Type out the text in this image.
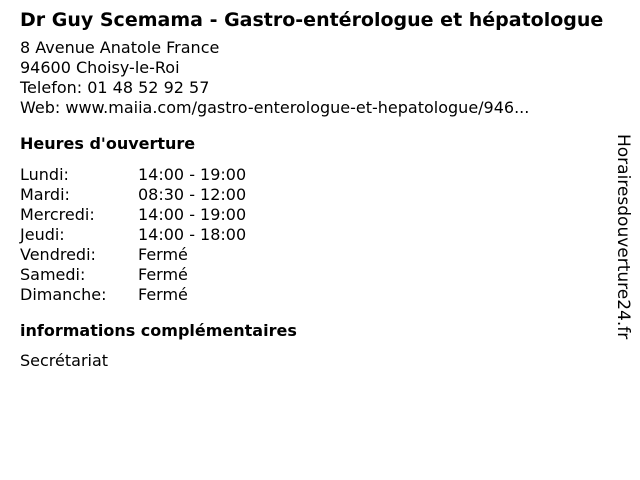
Dr Guy Scemama - Gastro-entérologue et hépatologue
8 Avenue Anatole France
94600 Choisy-le-Roi
Telefon: 01 48 52 92 57
Web: www.maiia.com/gastro-enterologue-et-hepatologue/946...
Heures d'ouverture
Lundi:	14:00 - 19:00
Mardi:	08:30 - 12:00
Mercredi:	14:00 - 19:00
Jeudi:	14:00 - 18:00
Vendredi:	Fermé
Samedi:	Fermé
Dimanche:	Fermé
informations complémentaires
Secrétariat
Horairesdouverture24.fr
